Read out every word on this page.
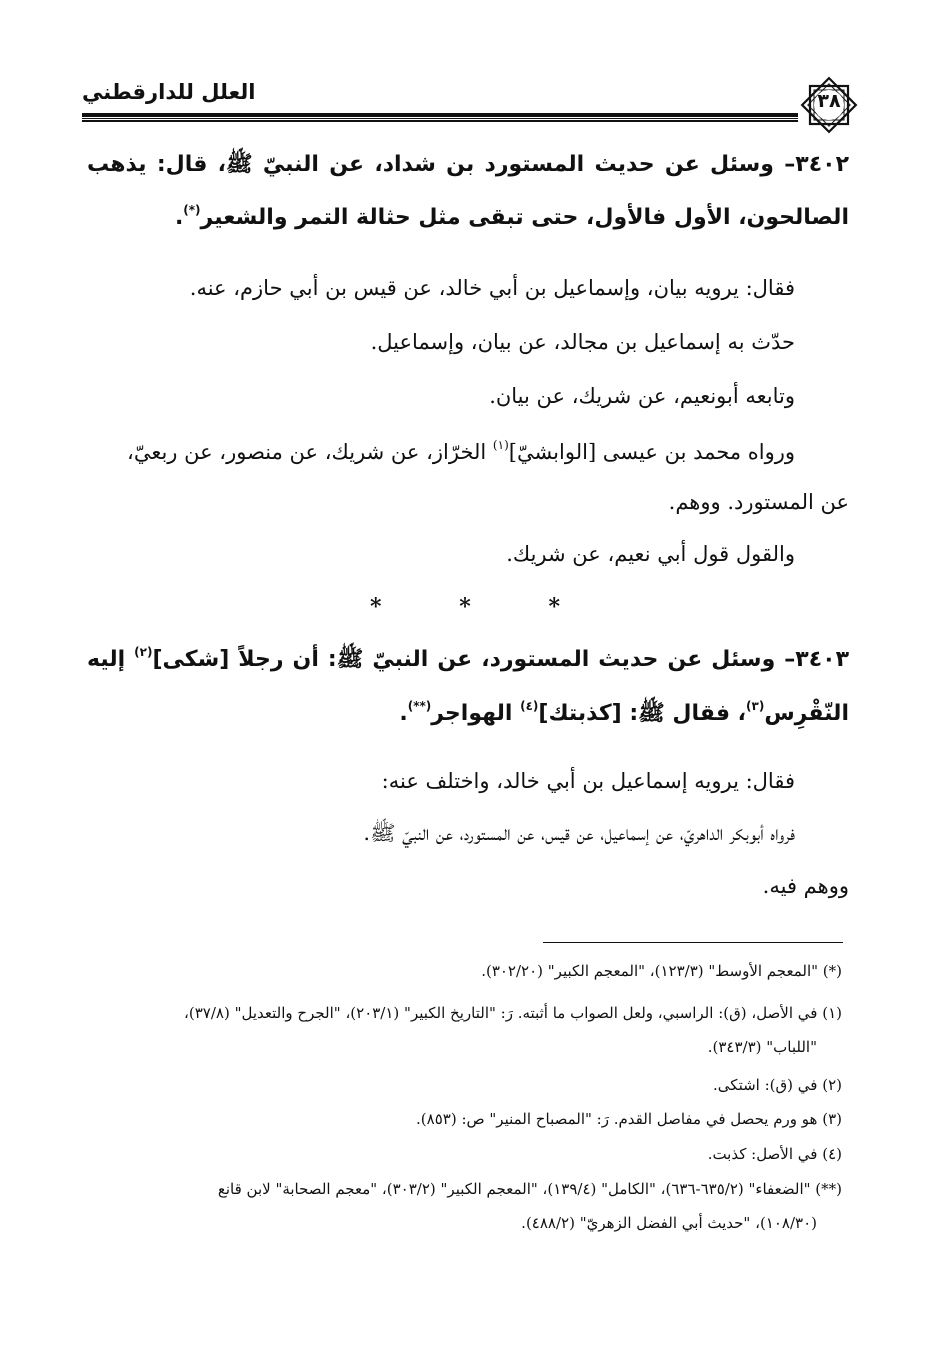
العلل للدارقطني	٣٨
٣٤٠٢– وسئل عن حديث المستورد بن شداد، عن النبيّ ﷺ، قال: يذهب
الصالحون، الأول فالأول، حتى تبقى مثل حثالة التمر والشعير(*).
فقال: يرويه بيان، وإسماعيل بن أبي خالد، عن قيس بن أبي حازم، عنه.
حدّث به إسماعيل بن مجالد، عن بيان، وإسماعيل.
وتابعه أبونعيم، عن شريك، عن بيان.
ورواه محمد بن عيسى [الوابشيّ]$^{(١)}$ الخرّاز، عن شريك، عن منصور، عن ربعيّ،
عن المستورد. ووهم.
والقول قول أبي نعيم، عن شريك.
*	*	*
٣٤٠٣– وسئل عن حديث المستورد، عن النبيّ ﷺ: أن رجلاً [شكى]$^{(٢)}$ إليه
النّقْرِس$^{(٣)}$، فقال ﷺ: [كذبتك]$^{(٤)}$ الهواجر(**).
فقال: يرويه إسماعيل بن أبي خالد، واختلف عنه:
فرواه أبوبكر الداهريّ، عن إسماعيل، عن قيس، عن المستورد، عن النبيّ ﷺ.
ووهم فيه.
(*) "المعجم الأوسط" (١٢٣/٣)، "المعجم الكبير" (٣٠٢/٢٠).
(١) في الأصل، (ق): الراسبي، ولعل الصواب ما أثبته. رَ: "التاريخ الكبير" (٢٠٣/١)، "الجرح والتعديل" (٣٧/٨)،
"اللباب" (٣٤٣/٣).
(٢) في (ق): اشتكى.
(٣) هو ورم يحصل في مفاصل القدم. رَ: "المصباح المنير" ص: (٨٥٣).
(٤) في الأصل: كذبت.
(**) "الضعفاء" (٦٣٥/٢-٦٣٦)، "الكامل" (١٣٩/٤)، "المعجم الكبير" (٣٠٣/٢)، "معجم الصحابة" لابن قانع
(١٠٨/٣٠)، "حديث أبي الفضل الزهريّ" (٤٨٨/٢).
